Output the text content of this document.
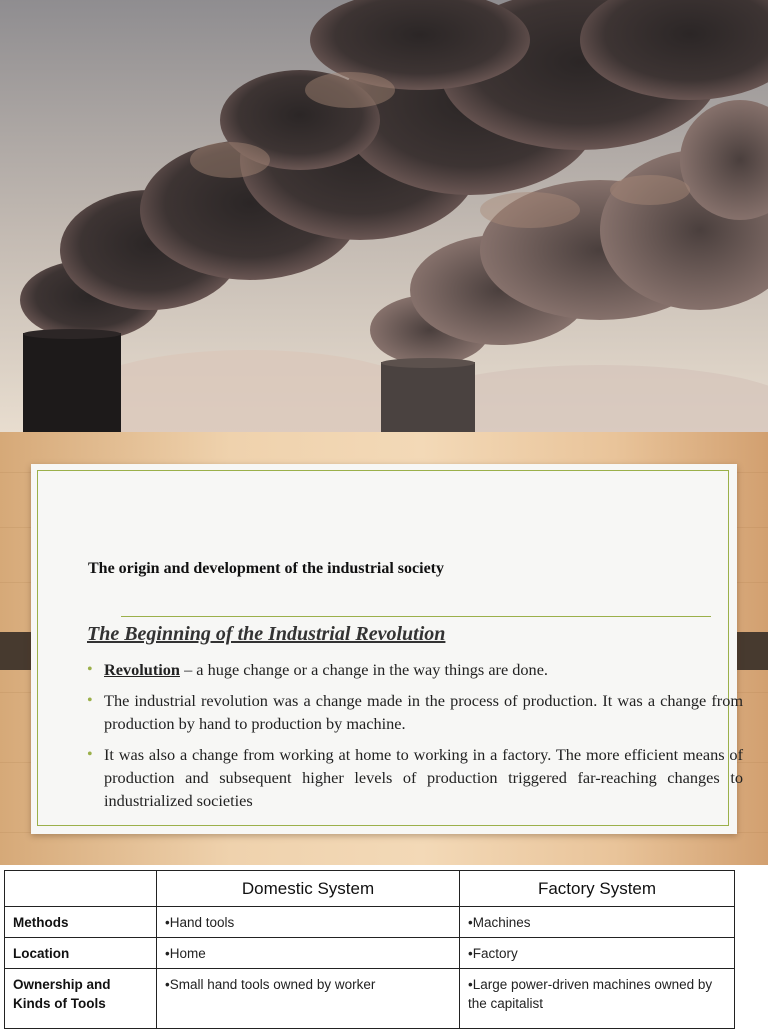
The origin and development of the industrial society
The Beginning of the Industrial Revolution
• Revolution – a huge change or a change in the way things are done.
• The industrial revolution was a change made in the process of production. It was a change from production by hand to production by machine.
• It was also a change from working at home to working in a factory. The more efficient means of production and subsequent higher levels of production triggered far-reaching changes to industrialized societies
	Domestic System	Factory System
Methods	•Hand tools	•Machines
Location	•Home	•Factory
Ownership and Kinds of Tools	•Small hand tools owned by worker	•Large power-driven machines owned by the capitalist
